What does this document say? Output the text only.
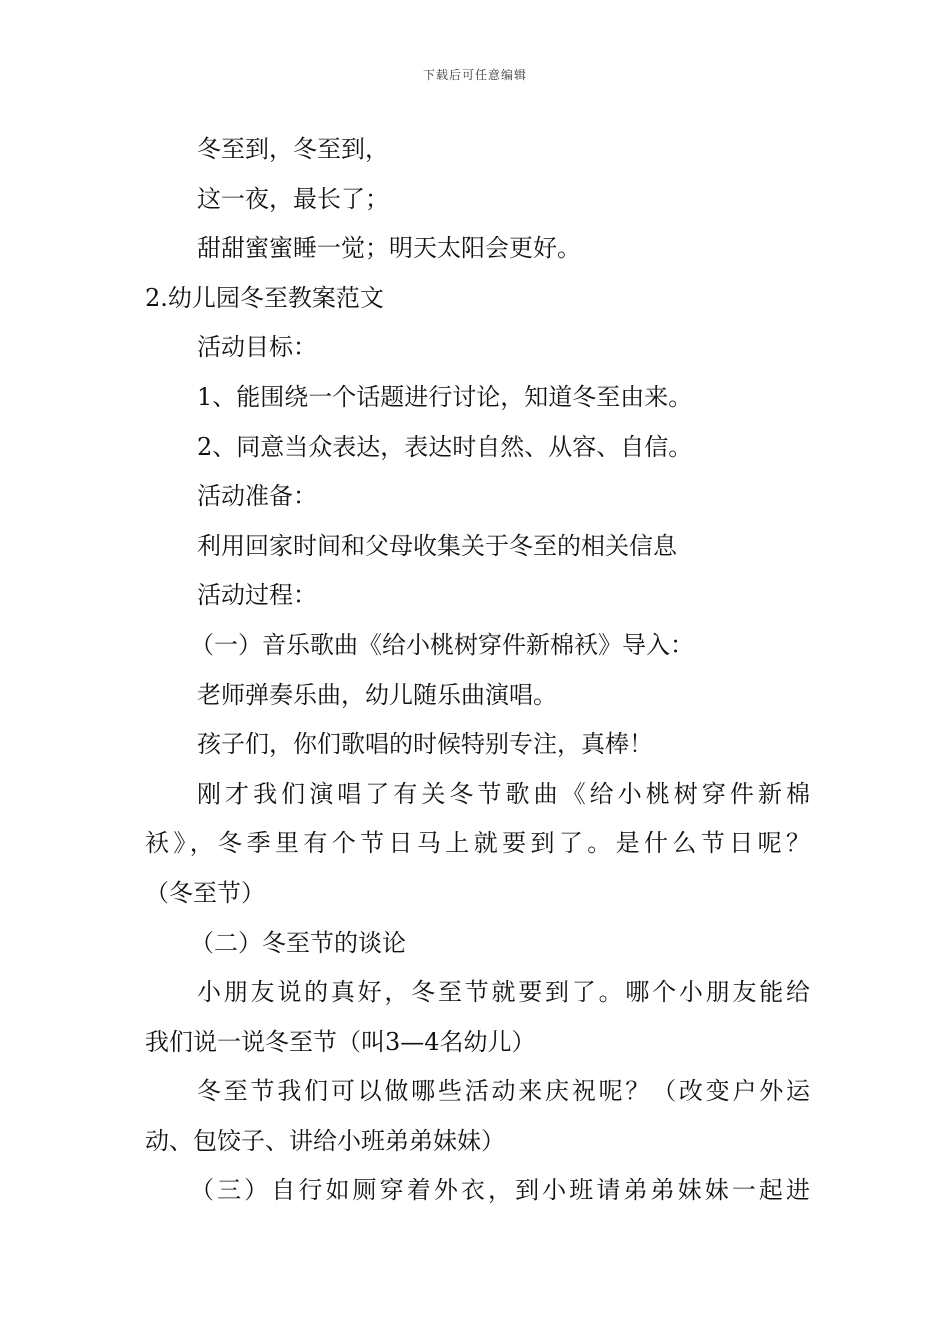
下载后可任意编辑
冬至到，冬至到，
这一夜，最长了；
甜甜蜜蜜睡一觉；明天太阳会更好。
2.幼儿园冬至教案范文
活动目标：
1、能围绕一个话题进行讨论，知道冬至由来。
2、同意当众表达，表达时自然、从容、自信。
活动准备：
利用回家时间和父母收集关于冬至的相关信息
活动过程：
（一）音乐歌曲《给小桃树穿件新棉袄》导入：
老师弹奏乐曲，幼儿随乐曲演唱。
孩子们，你们歌唱的时候特别专注，真棒！
刚才我们演唱了有关冬节歌曲《给小桃树穿件新棉
袄》，冬季里有个节日马上就要到了。是什么节日呢？
（冬至节）
（二）冬至节的谈论
小朋友说的真好，冬至节就要到了。哪个小朋友能给
我们说一说冬至节（叫3—4名幼儿）
冬至节我们可以做哪些活动来庆祝呢？（改变户外运
动、包饺子、讲给小班弟弟妹妹）
（三）自行如厕穿着外衣，到小班请弟弟妹妹一起进
